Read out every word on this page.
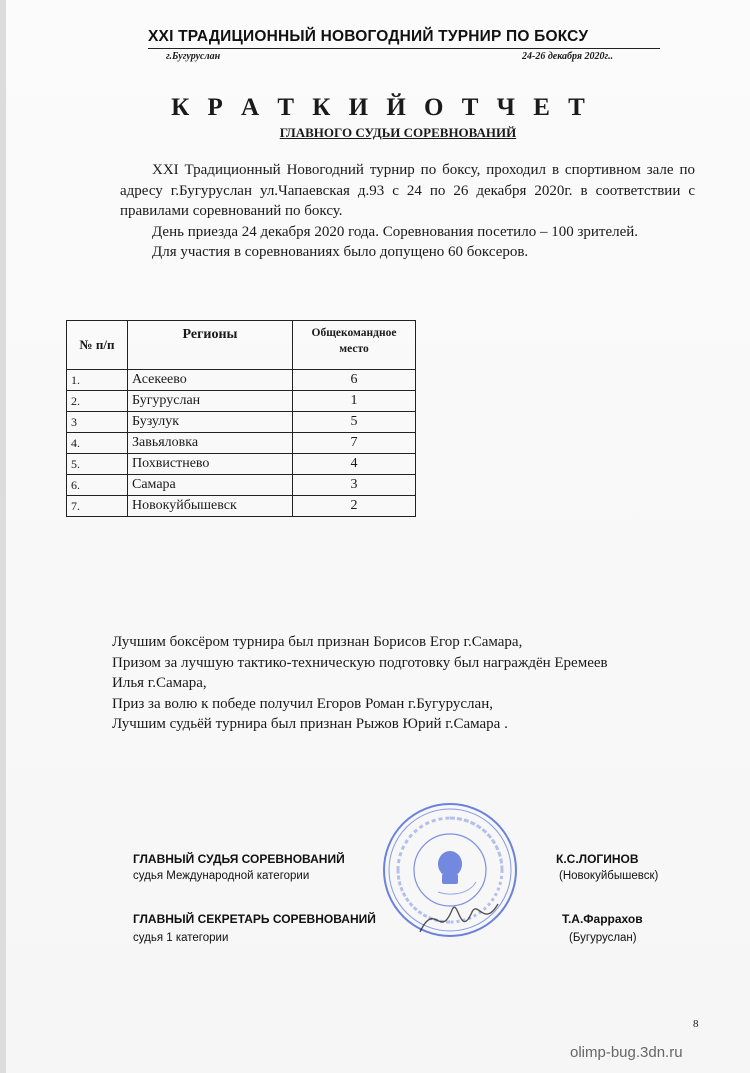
XXI ТРАДИЦИОННЫЙ НОВОГОДНИЙ ТУРНИР ПО БОКСУ
г.Бугуруслан	24-26 декабря 2020г..
К Р А Т К И Й О Т Ч Е Т
ГЛАВНОГО СУДЬИ СОРЕВНОВАНИЙ

XXI Традиционный Новогодний турнир по боксу, проходил в спортивном зале по адресу г.Бугуруслан ул.Чапаевская д.93 с 24 по 26 декабря 2020г. в соответствии с правилами соревнований по боксу.

День приезда 24 декабря 2020 года. Соревнования посетило – 100 зрителей.

Для участия в соревнованиях было допущено 60 боксеров.

№ п/п	Регионы	Общекомандное место
1.	Асекеево	6
2.	Бугуруслан	1
3	Бузулук	5
4.	Завьяловка	7
5.	Похвистнево	4
6.	Самара	3
7.	Новокуйбышевск	2
Лучшим боксёром турнира был признан Борисов Егор г.Самара,
Призом за лучшую тактико-техническую подготовку был награждён Еремеев
Илья г.Самара,
Приз за волю к победе получил Егоров Роман г.Бугуруслан,
Лучшим судьёй турнира был признан Рыжов Юрий г.Самара .
ГЛАВНЫЙ СУДЬЯ СОРЕВНОВАНИЙ
судья Международной категории
К.С.ЛОГИНОВ
(Новокуйбышевск)
ГЛАВНЫЙ СЕКРЕТАРЬ СОРЕВНОВАНИЙ
судья 1 категории
Т.А.Фаррахов
(Бугуруслан)
8
olimp-bug.3dn.ru
